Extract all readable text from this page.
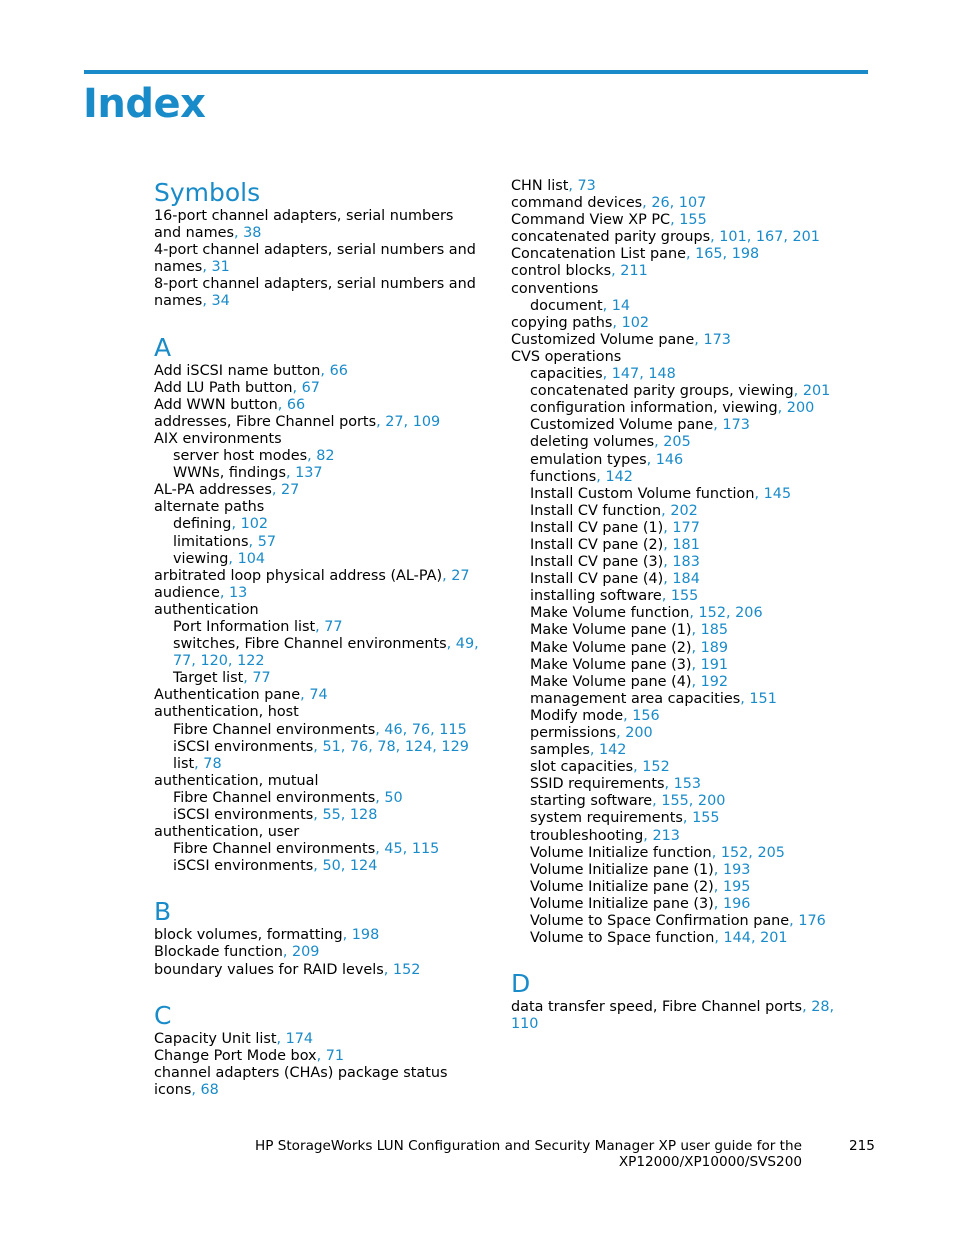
Index
Symbols
16-port channel adapters, serial numbers and names, 38
4-port channel adapters, serial numbers and names, 31
8-port channel adapters, serial numbers and names, 34
A
Add iSCSI name button, 66
Add LU Path button, 67
Add WWN button, 66
addresses, Fibre Channel ports, 27, 109
AIX environments
server host modes, 82
WWNs, findings, 137
AL-PA addresses, 27
alternate paths
defining, 102
limitations, 57
viewing, 104
arbitrated loop physical address (AL-PA), 27
audience, 13
authentication
Port Information list, 77
switches, Fibre Channel environments, 49, 77, 120, 122
Target list, 77
Authentication pane, 74
authentication, host
Fibre Channel environments, 46, 76, 115
iSCSI environments, 51, 76, 78, 124, 129
list, 78
authentication, mutual
Fibre Channel environments, 50
iSCSI environments, 55, 128
authentication, user
Fibre Channel environments, 45, 115
iSCSI environments, 50, 124
B
block volumes, formatting, 198
Blockade function, 209
boundary values for RAID levels, 152
C
Capacity Unit list, 174
Change Port Mode box, 71
channel adapters (CHAs) package status icons, 68
CHN list, 73
command devices, 26, 107
Command View XP PC, 155
concatenated parity groups, 101, 167, 201
Concatenation List pane, 165, 198
control blocks, 211
conventions
document, 14
copying paths, 102
Customized Volume pane, 173
CVS operations
capacities, 147, 148
concatenated parity groups, viewing, 201
configuration information, viewing, 200
Customized Volume pane, 173
deleting volumes, 205
emulation types, 146
functions, 142
Install Custom Volume function, 145
Install CV function, 202
Install CV pane (1), 177
Install CV pane (2), 181
Install CV pane (3), 183
Install CV pane (4), 184
installing software, 155
Make Volume function, 152, 206
Make Volume pane (1), 185
Make Volume pane (2), 189
Make Volume pane (3), 191
Make Volume pane (4), 192
management area capacities, 151
Modify mode, 156
permissions, 200
samples, 142
slot capacities, 152
SSID requirements, 153
starting software, 155, 200
system requirements, 155
troubleshooting, 213
Volume Initialize function, 152, 205
Volume Initialize pane (1), 193
Volume Initialize pane (2), 195
Volume Initialize pane (3), 196
Volume to Space Confirmation pane, 176
Volume to Space function, 144, 201
D
data transfer speed, Fibre Channel ports, 28, 110
HP StorageWorks LUN Configuration and Security Manager XP user guide for the
XP12000/XP10000/SVS200
215
